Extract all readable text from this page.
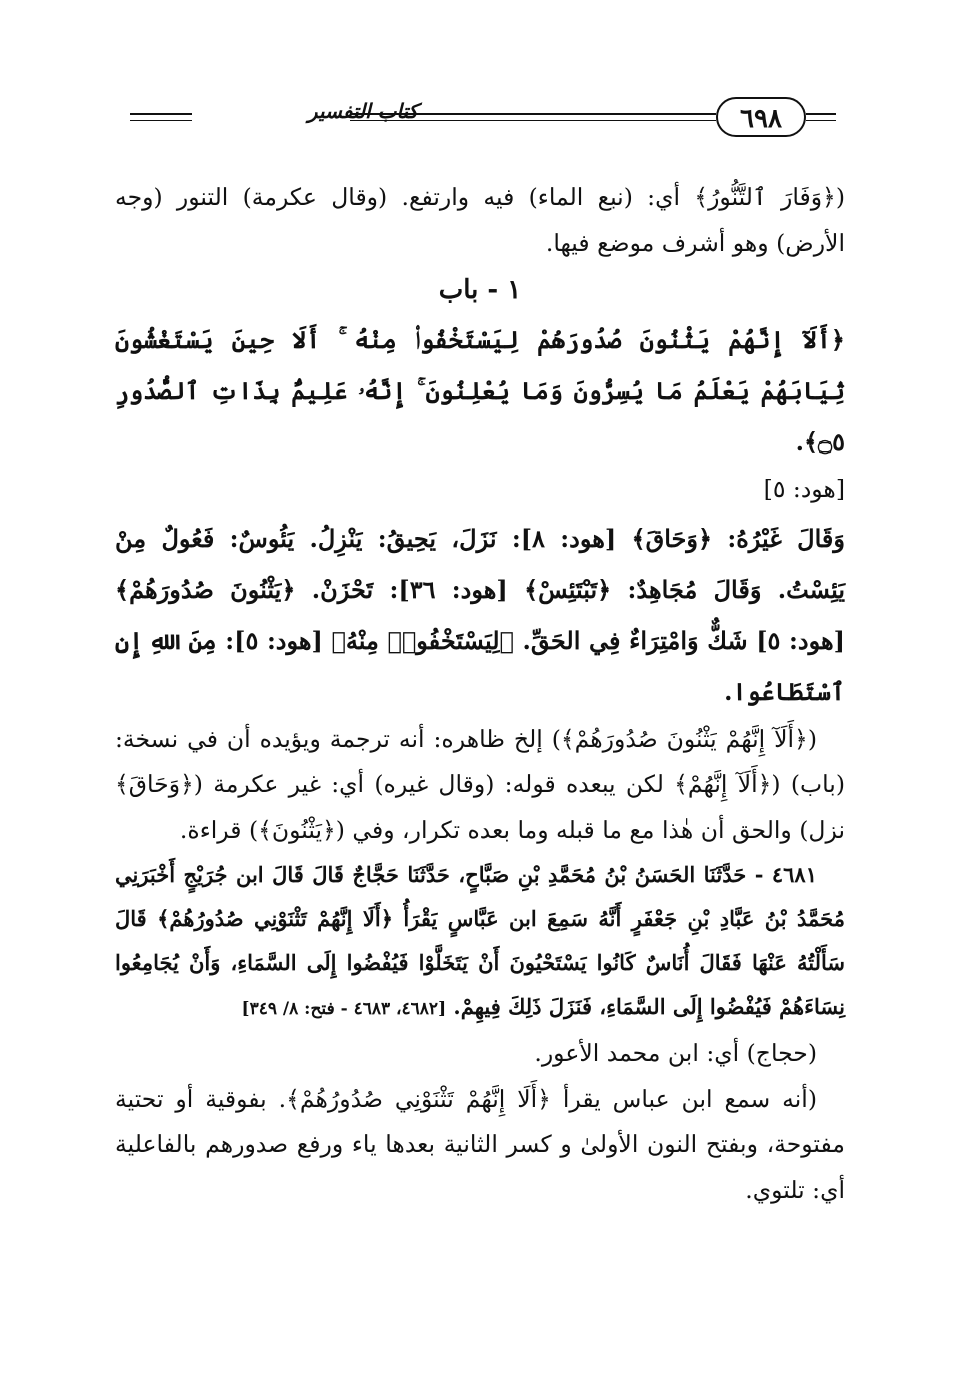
كتاب التفسير	٦٩٨

(﴿وَفَارَ ٱلتَّنُّورُ﴾ أي: (نبع الماء) فيه وارتفع. (وقال عكرمة) التنور (وجه الأرض) وهو أشرف موضع فيها.

١ - باب

﴿أَلَآ إِنَّهُمْ يَثْنُونَ صُدُورَهُمْ لِيَسْتَخْفُوا۟ مِنْهُ ۚ أَلَا حِينَ يَسْتَغْشُونَ ثِيَابَهُمْ يَعْلَمُ مَا يُسِرُّونَ وَمَا يُعْلِنُونَ ۚ إِنَّهُۥ عَلِيمٌۢ بِذَاتِ ٱلصُّدُورِ ۝٥﴾.

[هود: ٥]

وَقَالَ غَيْرُهُ: ﴿وَحَاقَ﴾ [هود: ٨]: نَزَلَ، يَحِيقُ: يَنْزِلُ. يَئُوسٌ: فَعُولٌ مِنْ يَئِسْتُ. وَقَالَ مُجَاهِدٌ: ﴿تَبْتَئِسْ﴾ [هود: ٣٦]: تَحْزَنْ. ﴿يَثْنُونَ صُدُورَهُمْ﴾ [هود: ٥] شَكٌّ وَامْتِرَاءٌ فِي الحَقِّ. ﴿لِيَسْتَخْفُوا۟ مِنْهُ﴾ [هود: ٥]: مِنَ اللهِ إِنِ ٱسْتَطَاعُوا.

(﴿أَلَآ إِنَّهُمْ يَثْنُونَ صُدُورَهُمْ﴾) إلخ ظاهره: أنه ترجمة ويؤيده أن في نسخة: (باب) (﴿أَلَآ إِنَّهُمْ﴾ لكن يبعده قوله: (وقال غيره) أي: غير عكرمة (﴿وَحَاقَ﴾ نزل) والحق أن هٰذا مع ما قبله وما بعده تكرار، وفي (﴿يَثْنُونَ﴾) قراءة.

٤٦٨١ - حَدَّثَنَا الحَسَنُ بْنُ مُحَمَّدِ بْنِ صَبَّاحٍ، حَدَّثَنَا حَجَّاجٌ قَالَ قَالَ ابن جُرَيْجٍ أَخْبَرَنِي مُحَمَّدُ بْنُ عَبَّادِ بْنِ جَعْفَرٍ أَنَّهُ سَمِعَ ابن عَبَّاسٍ يَقْرَأُ ﴿أَلَا إِنَّهُمْ تَثْنَوْنِي صُدُورُهُمْ﴾ قَالَ سَأَلْتُهُ عَنْهَا فَقَالَ أُنَاسٌ كَانُوا يَسْتَحْيُونَ أَنْ يَتَخَلَّوْا فَيُفْضُوا إِلَى السَّمَاءِ، وَأَنْ يُجَامِعُوا نِسَاءَهُمْ فَيُفْضُوا إِلَى السَّمَاءِ، فَنَزَلَ ذَلِكَ فِيهِمْ. [٤٦٨٢، ٤٦٨٣ - فتح: ٨/ ٣٤٩]

(حجاج) أي: ابن محمد الأعور.

(أنه سمع ابن عباس يقرأ ﴿أَلَا إِنَّهُمْ تَثْنَوْنِي صُدُورُهُمْ﴾. بفوقية أو تحتية مفتوحة، وبفتح النون الأولىٰ و كسر الثانية بعدها ياء ورفع صدورهم بالفاعلية أي: تلتوي.
